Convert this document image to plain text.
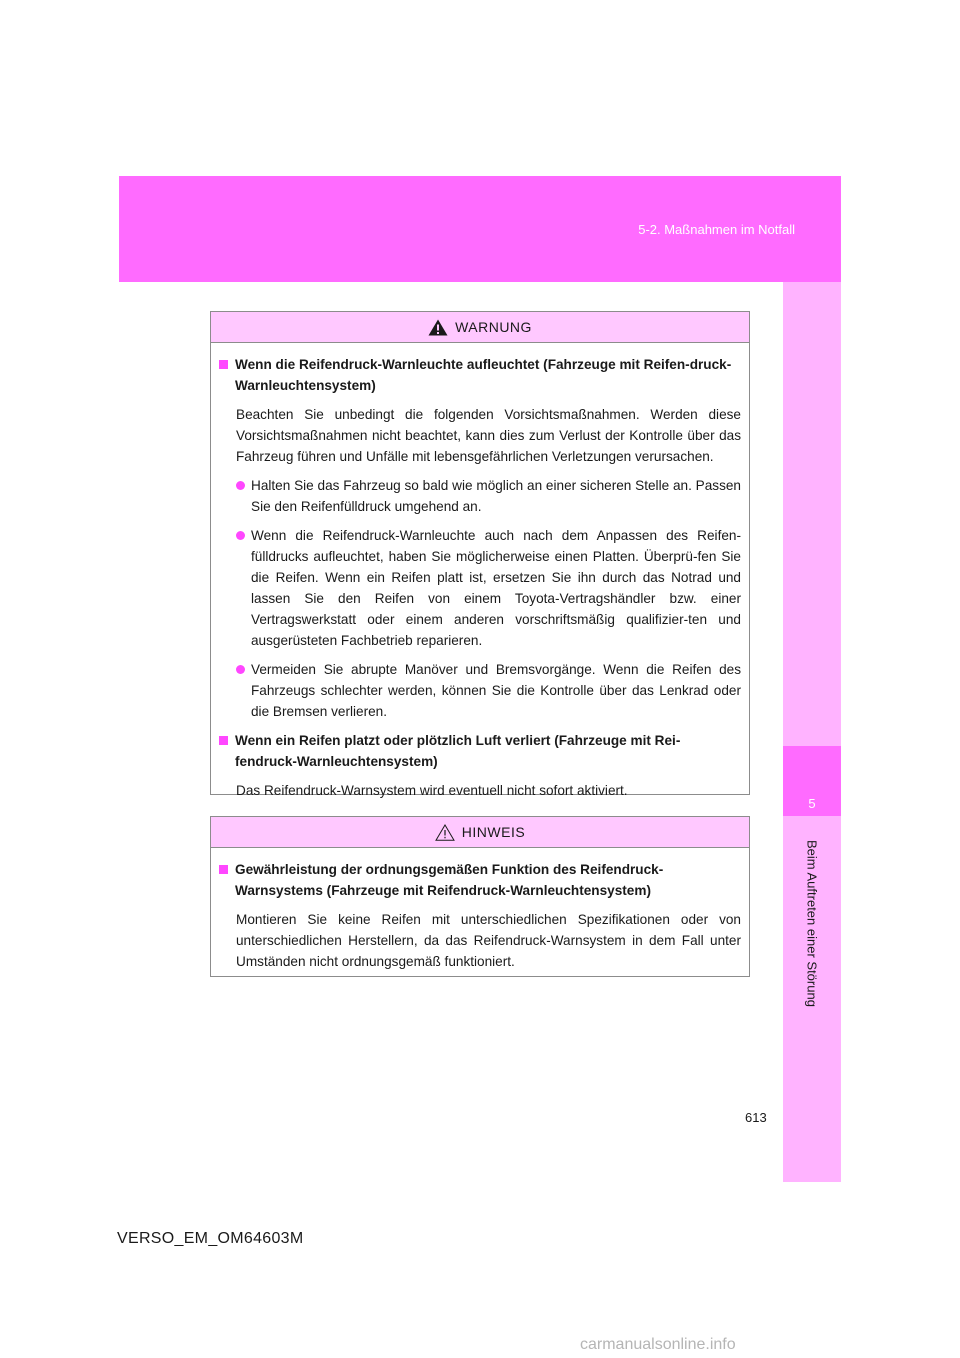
5-2. Maßnahmen im Notfall
5
Beim Auftreten einer Störung
WARNUNG
Wenn die Reifendruck-Warnleuchte aufleuchtet (Fahrzeuge mit Reifen-druck-Warnleuchtensystem)
Beachten Sie unbedingt die folgenden Vorsichtsmaßnahmen. Werden diese Vorsichtsmaßnahmen nicht beachtet, kann dies zum Verlust der Kontrolle über das Fahrzeug führen und Unfälle mit lebensgefährlichen Verletzungen verursachen.
Halten Sie das Fahrzeug so bald wie möglich an einer sicheren Stelle an. Passen Sie den Reifenfülldruck umgehend an.
Wenn die Reifendruck-Warnleuchte auch nach dem Anpassen des Reifen-fülldrucks aufleuchtet, haben Sie möglicherweise einen Platten. Überprü-fen Sie die Reifen. Wenn ein Reifen platt ist, ersetzen Sie ihn durch das Notrad und lassen Sie den Reifen von einem Toyota-Vertragshändler bzw. einer Vertragswerkstatt oder einem anderen vorschriftsmäßig qualifizier-ten und ausgerüsteten Fachbetrieb reparieren.
Vermeiden Sie abrupte Manöver und Bremsvorgänge. Wenn die Reifen des Fahrzeugs schlechter werden, können Sie die Kontrolle über das Lenkrad oder die Bremsen verlieren.
Wenn ein Reifen platzt oder plötzlich Luft verliert (Fahrzeuge mit Rei-fendruck-Warnleuchtensystem)
Das Reifendruck-Warnsystem wird eventuell nicht sofort aktiviert.
HINWEIS
Gewährleistung der ordnungsgemäßen Funktion des Reifendruck-Warnsystems (Fahrzeuge mit Reifendruck-Warnleuchtensystem)
Montieren Sie keine Reifen mit unterschiedlichen Spezifikationen oder von unterschiedlichen Herstellern, da das Reifendruck-Warnsystem in dem Fall unter Umständen nicht ordnungsgemäß funktioniert.
613
VERSO_EM_OM64603M
carmanualsonline.info
